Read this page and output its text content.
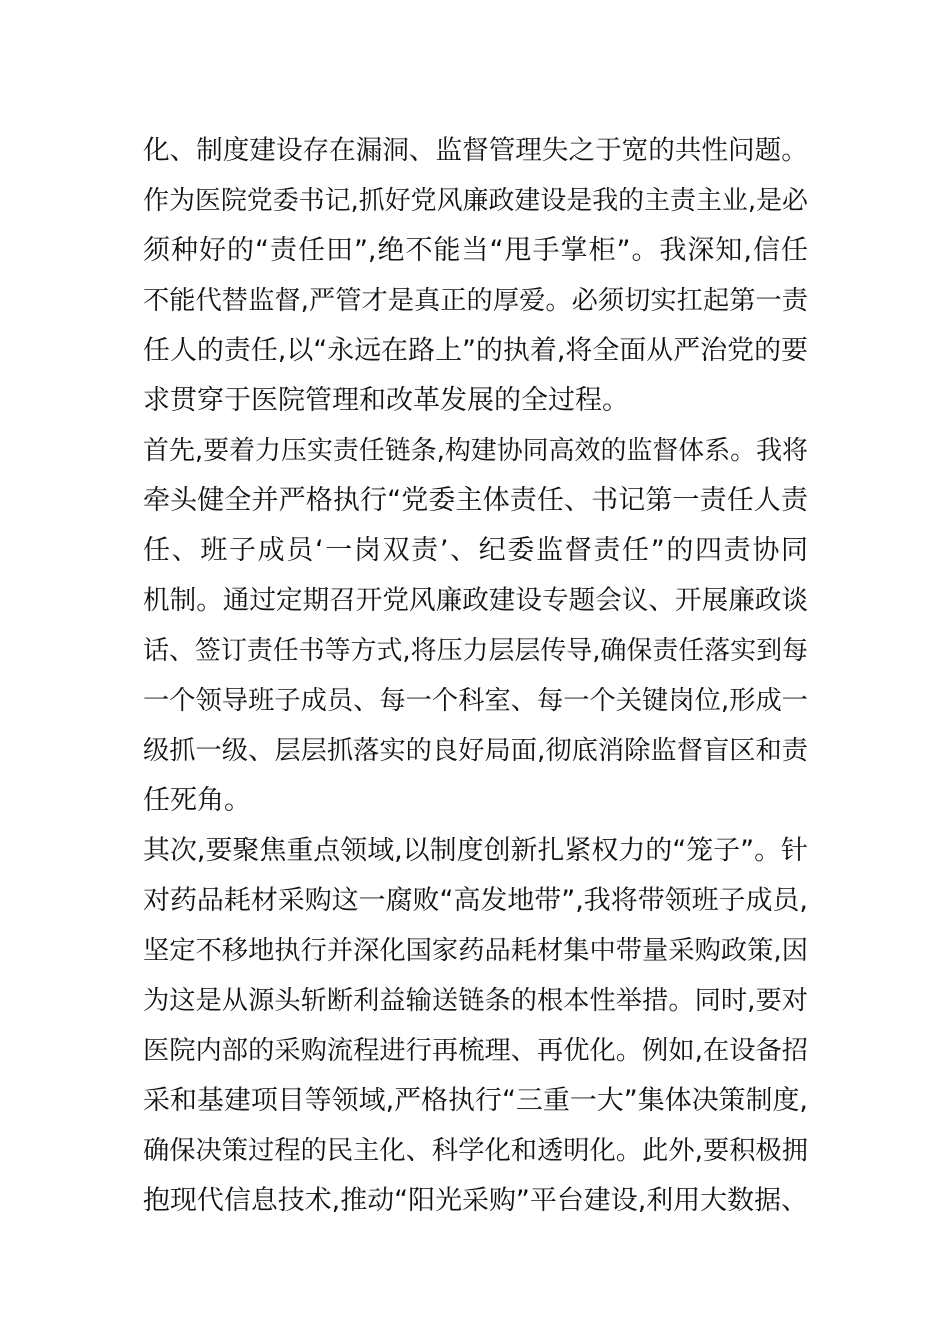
化、制度建设存在漏洞、监督管理失之于宽的共性问题。
作为医院党委书记,抓好党风廉政建设是我的主责主业,是必
须种好的“责任田”,绝不能当“甩手掌柜”。我深知,信任
不能代替监督,严管才是真正的厚爱。必须切实扛起第一责
任人的责任,以“永远在路上”的执着,将全面从严治党的要
求贯穿于医院管理和改革发展的全过程。
首先,要着力压实责任链条,构建协同高效的监督体系。我将
牵头健全并严格执行“党委主体责任、书记第一责任人责
任、班子成员‘一岗双责’、纪委监督责任”的四责协同
机制。通过定期召开党风廉政建设专题会议、开展廉政谈
话、签订责任书等方式,将压力层层传导,确保责任落实到每
一个领导班子成员、每一个科室、每一个关键岗位,形成一
级抓一级、层层抓落实的良好局面,彻底消除监督盲区和责
任死角。
其次,要聚焦重点领域,以制度创新扎紧权力的“笼子”。针
对药品耗材采购这一腐败“高发地带”,我将带领班子成员,
坚定不移地执行并深化国家药品耗材集中带量采购政策,因
为这是从源头斩断利益输送链条的根本性举措。同时,要对
医院内部的采购流程进行再梳理、再优化。例如,在设备招
采和基建项目等领域,严格执行“三重一大”集体决策制度,
确保决策过程的民主化、科学化和透明化。此外,要积极拥
抱现代信息技术,推动“阳光采购”平台建设,利用大数据、
